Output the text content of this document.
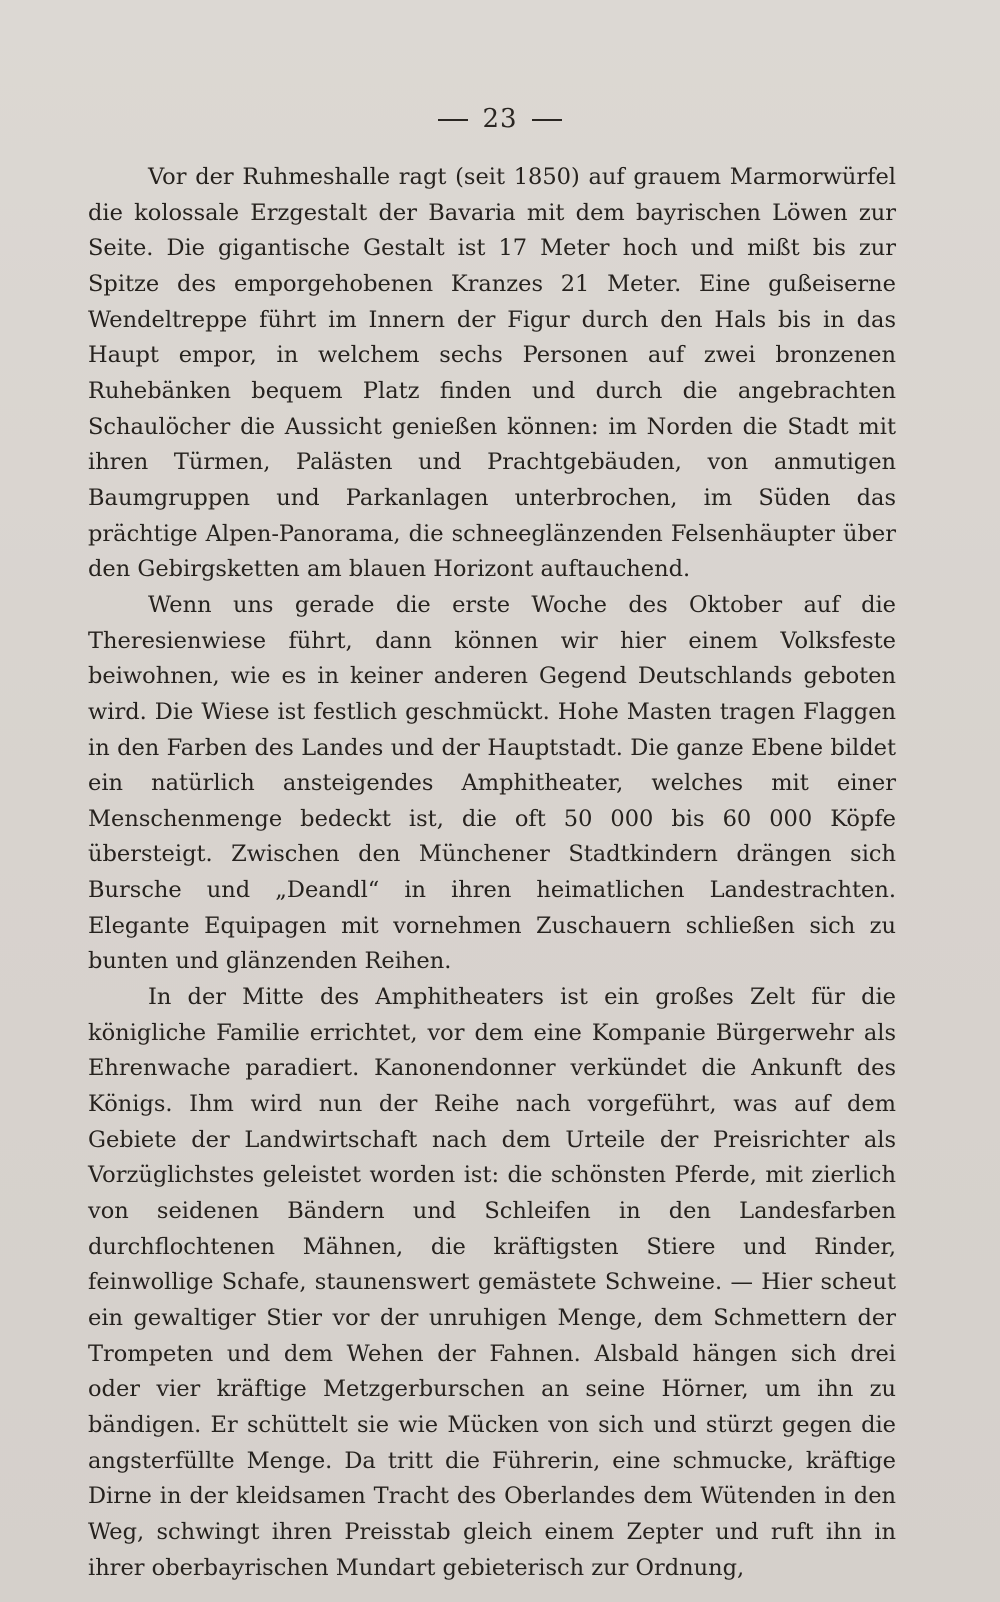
23

Vor der Ruhmeshalle ragt (seit 1850) auf grauem Marmorwürfel die kolossale Erzgestalt der Bavaria mit dem bayrischen Löwen zur Seite. Die gigantische Gestalt ist 17 Meter hoch und mißt bis zur Spitze des emporgehobenen Kranzes 21 Meter. Eine gußeiserne Wendeltreppe führt im Innern der Figur durch den Hals bis in das Haupt empor, in welchem sechs Personen auf zwei bronzenen Ruhebänken bequem Platz finden und durch die angebrachten Schaulöcher die Aussicht genießen können: im Norden die Stadt mit ihren Türmen, Palästen und Prachtgebäuden, von anmutigen Baumgruppen und Parkanlagen unterbrochen, im Süden das prächtige Alpen-Panorama, die schneeglänzenden Felsenhäupter über den Gebirgsketten am blauen Horizont auftauchend.

Wenn uns gerade die erste Woche des Oktober auf die Theresienwiese führt, dann können wir hier einem Volksfeste beiwohnen, wie es in keiner anderen Gegend Deutschlands geboten wird. Die Wiese ist festlich geschmückt. Hohe Masten tragen Flaggen in den Farben des Landes und der Hauptstadt. Die ganze Ebene bildet ein natürlich ansteigendes Amphitheater, welches mit einer Menschenmenge bedeckt ist, die oft 50 000 bis 60 000 Köpfe übersteigt. Zwischen den Münchener Stadtkindern drängen sich Bursche und „Deandl“ in ihren heimatlichen Landestrachten. Elegante Equipagen mit vornehmen Zuschauern schließen sich zu bunten und glänzenden Reihen.

In der Mitte des Amphitheaters ist ein großes Zelt für die königliche Familie errichtet, vor dem eine Kompanie Bürgerwehr als Ehrenwache paradiert. Kanonendonner verkündet die Ankunft des Königs. Ihm wird nun der Reihe nach vorgeführt, was auf dem Gebiete der Landwirtschaft nach dem Urteile der Preisrichter als Vorzüglichstes geleistet worden ist: die schönsten Pferde, mit zierlich von seidenen Bändern und Schleifen in den Landesfarben durchflochtenen Mähnen, die kräftigsten Stiere und Rinder, feinwollige Schafe, staunenswert gemästete Schweine. — Hier scheut ein gewaltiger Stier vor der unruhigen Menge, dem Schmettern der Trompeten und dem Wehen der Fahnen. Alsbald hängen sich drei oder vier kräftige Metzgerburschen an seine Hörner, um ihn zu bändigen. Er schüttelt sie wie Mücken von sich und stürzt gegen die angsterfüllte Menge. Da tritt die Führerin, eine schmucke, kräftige Dirne in der kleidsamen Tracht des Oberlandes dem Wütenden in den Weg, schwingt ihren Preisstab gleich einem Zepter und ruft ihn in ihrer oberbayrischen Mundart gebieterisch zur Ordnung,
